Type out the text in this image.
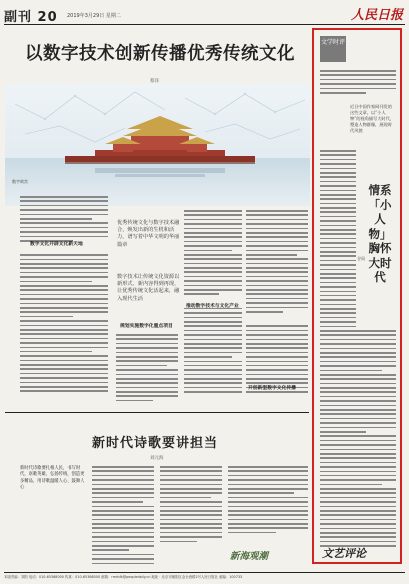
副刊 20 2019年3月29日 星期二	人民日报
以数字技术创新传播优秀传统文化
蔡泽
数字故宫
数字文化开辟文化新天地
优秀传统文化与数字技术融合，焕发出新的生机和活力，谱写着中华文明的华丽篇章
数字技术让传统文化资源以新形式、新内容得到再现，让优秀传统文化活起来，融入现代生活
规划实施数字化重点项目
推动数字技术与文化产业
开创新型数字文化传播
新时代诗歌要讲担当
刘元海
新时代诗歌要扎根人民，书写时代，讴歌英雄，弘扬传统，创造更多精品，用诗歌温暖人心、鼓舞人心
文学时评
近日中国作家网刊发的这些文章，以“小人物”的视角描写大时代，塑造人物群像，展现时代风貌
情系「小人物」 胸怀大时代
谷雨
新海观潮	文艺评论
本版责编：刘阳 电话：010-65368000 传真：010-65368000 邮箱：rmrbfk@peopledaily.cn 地址：北京市朝阳区金台西路2号人民日报社 邮编：100733
